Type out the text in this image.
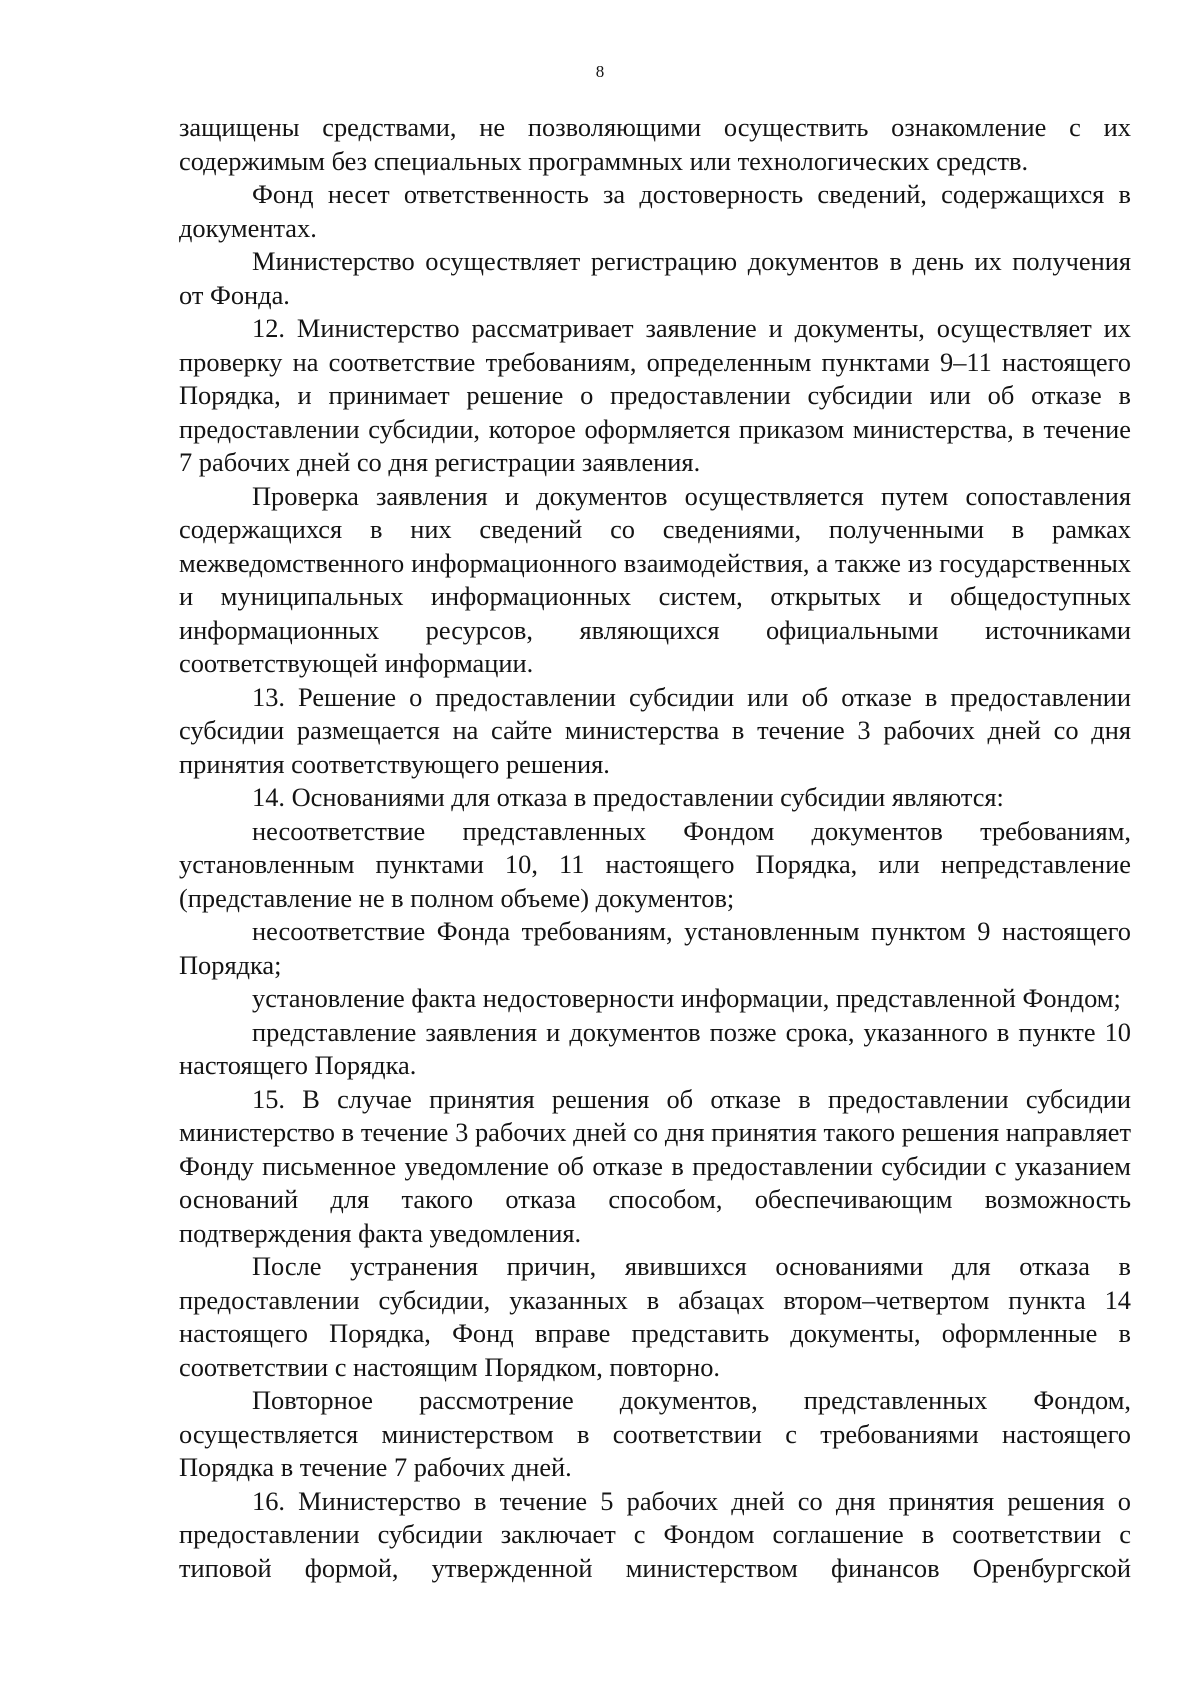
8

защищены средствами, не позволяющими осуществить ознакомление с их содержимым без специальных программных или технологических средств.

Фонд несет ответственность за достоверность сведений, содержащихся в документах.

Министерство осуществляет регистрацию документов в день их получения от Фонда.

12. Министерство рассматривает заявление и документы, осуществляет их проверку на соответствие требованиям, определенным пунктами 9–11 настоящего Порядка, и принимает решение о предоставлении субсидии или об отказе в предоставлении субсидии, которое оформляется приказом министерства, в течение 7 рабочих дней со дня регистрации заявления.

Проверка заявления и документов осуществляется путем сопоставления содержащихся в них сведений со сведениями, полученными в рамках межведомственного информационного взаимодействия, а также из государственных и муниципальных информационных систем, открытых и общедоступных информационных ресурсов, являющихся официальными источниками соответствующей информации.

13. Решение о предоставлении субсидии или об отказе в предоставлении субсидии размещается на сайте министерства в течение 3 рабочих дней со дня принятия соответствующего решения.

14. Основаниями для отказа в предоставлении субсидии являются:

несоответствие представленных Фондом документов требованиям, установленным пунктами 10, 11 настоящего Порядка, или непредставление (представление не в полном объеме) документов;

несоответствие Фонда требованиям, установленным пунктом 9 настоящего Порядка;

установление факта недостоверности информации, представленной Фондом;

представление заявления и документов позже срока, указанного в пункте 10 настоящего Порядка.

15. В случае принятия решения об отказе в предоставлении субсидии министерство в течение 3 рабочих дней со дня принятия такого решения направляет Фонду письменное уведомление об отказе в предоставлении субсидии с указанием оснований для такого отказа способом, обеспечивающим возможность подтверждения факта уведомления.

После устранения причин, явившихся основаниями для отказа в предоставлении субсидии, указанных в абзацах втором–четвертом пункта 14 настоящего Порядка, Фонд вправе представить документы, оформленные в соответствии с настоящим Порядком, повторно.

Повторное рассмотрение документов, представленных Фондом, осуществляется министерством в соответствии с требованиями настоящего Порядка в течение 7 рабочих дней.

16. Министерство в течение 5 рабочих дней со дня принятия решения о предоставлении субсидии заключает с Фондом соглашение в соответствии с типовой формой, утвержденной министерством финансов Оренбургской
